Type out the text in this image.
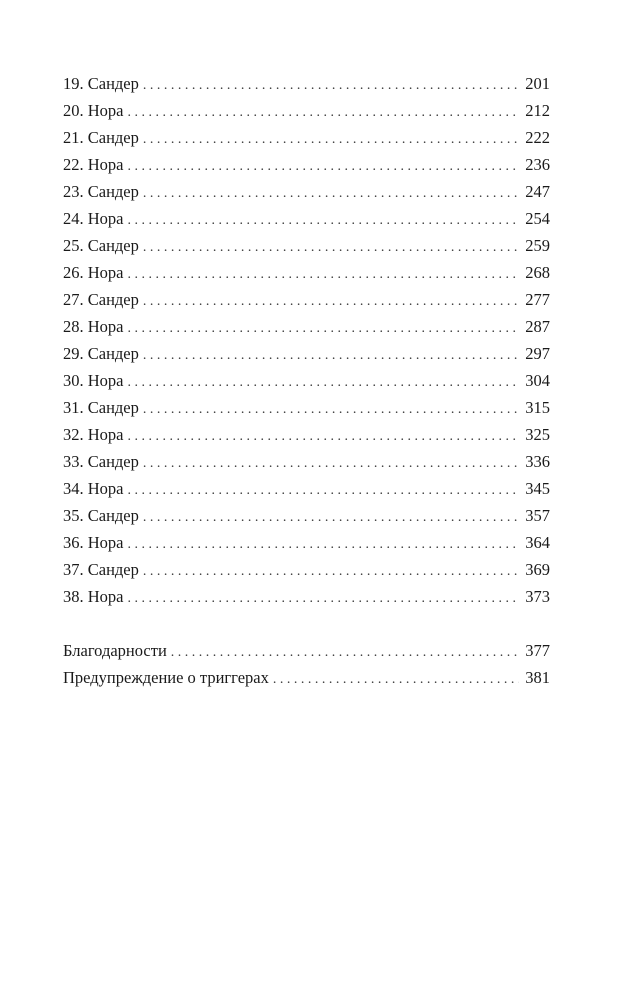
19. Сандер . . .	201
20. Нора . . .	212
21. Сандер . . .	222
22. Нора . . .	236
23. Сандер . . .	247
24. Нора . . .	254
25. Сандер . . .	259
26. Нора . . .	268
27. Сандер . . .	277
28. Нора . . .	287
29. Сандер . . .	297
30. Нора . . .	304
31. Сандер . . .	315
32. Нора . . .	325
33. Сандер . . .	336
34. Нора . . .	345
35. Сандер . . .	357
36. Нора . . .	364
37. Сандер . . .	369
38. Нора . . .	373
Благодарности . . .	377
Предупреждение о триггерах . . .	381
